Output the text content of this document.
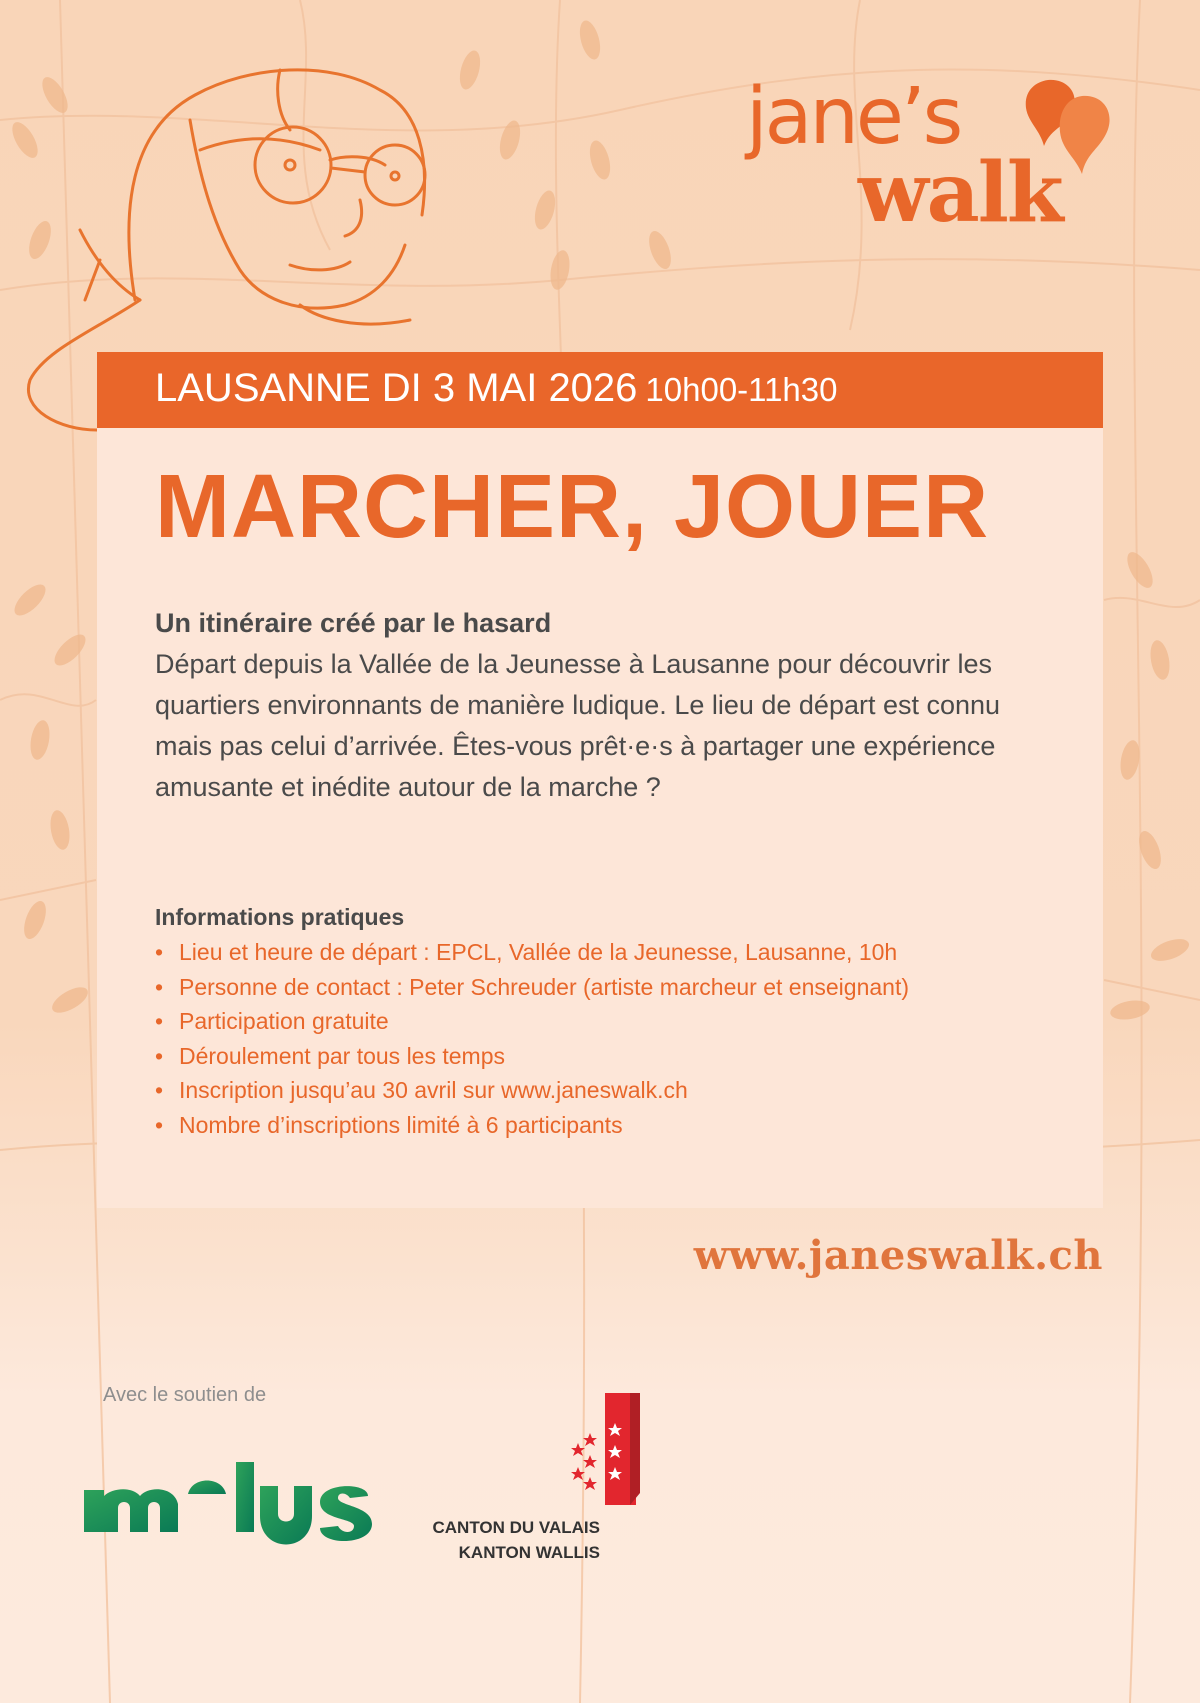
jane’s
walk
LAUSANNE DI 3 MAI 2026 10h00-11h30
MARCHER, JOUER
Un itinéraire créé par le hasard

Départ depuis la Vallée de la Jeunesse à Lausanne pour découvrir les quartiers environnants de manière ludique. Le lieu de départ est connu mais pas celui d’arrivée. Êtes-vous prêt·e·s à partager une expérience amusante et inédite autour de la marche ?

Informations pratiques
• Lieu et heure de départ : EPCL, Vallée de la Jeunesse, Lausanne, 10h
• Personne de contact : Peter Schreuder (artiste marcheur et enseignant)
• Participation gratuite
• Déroulement par tous les temps
• Inscription jusqu’au 30 avril sur www.janeswalk.ch
• Nombre d’inscriptions limité à 6 participants
www.janeswalk.ch
Avec le soutien de
CANTON DU VALAIS
KANTON WALLIS
